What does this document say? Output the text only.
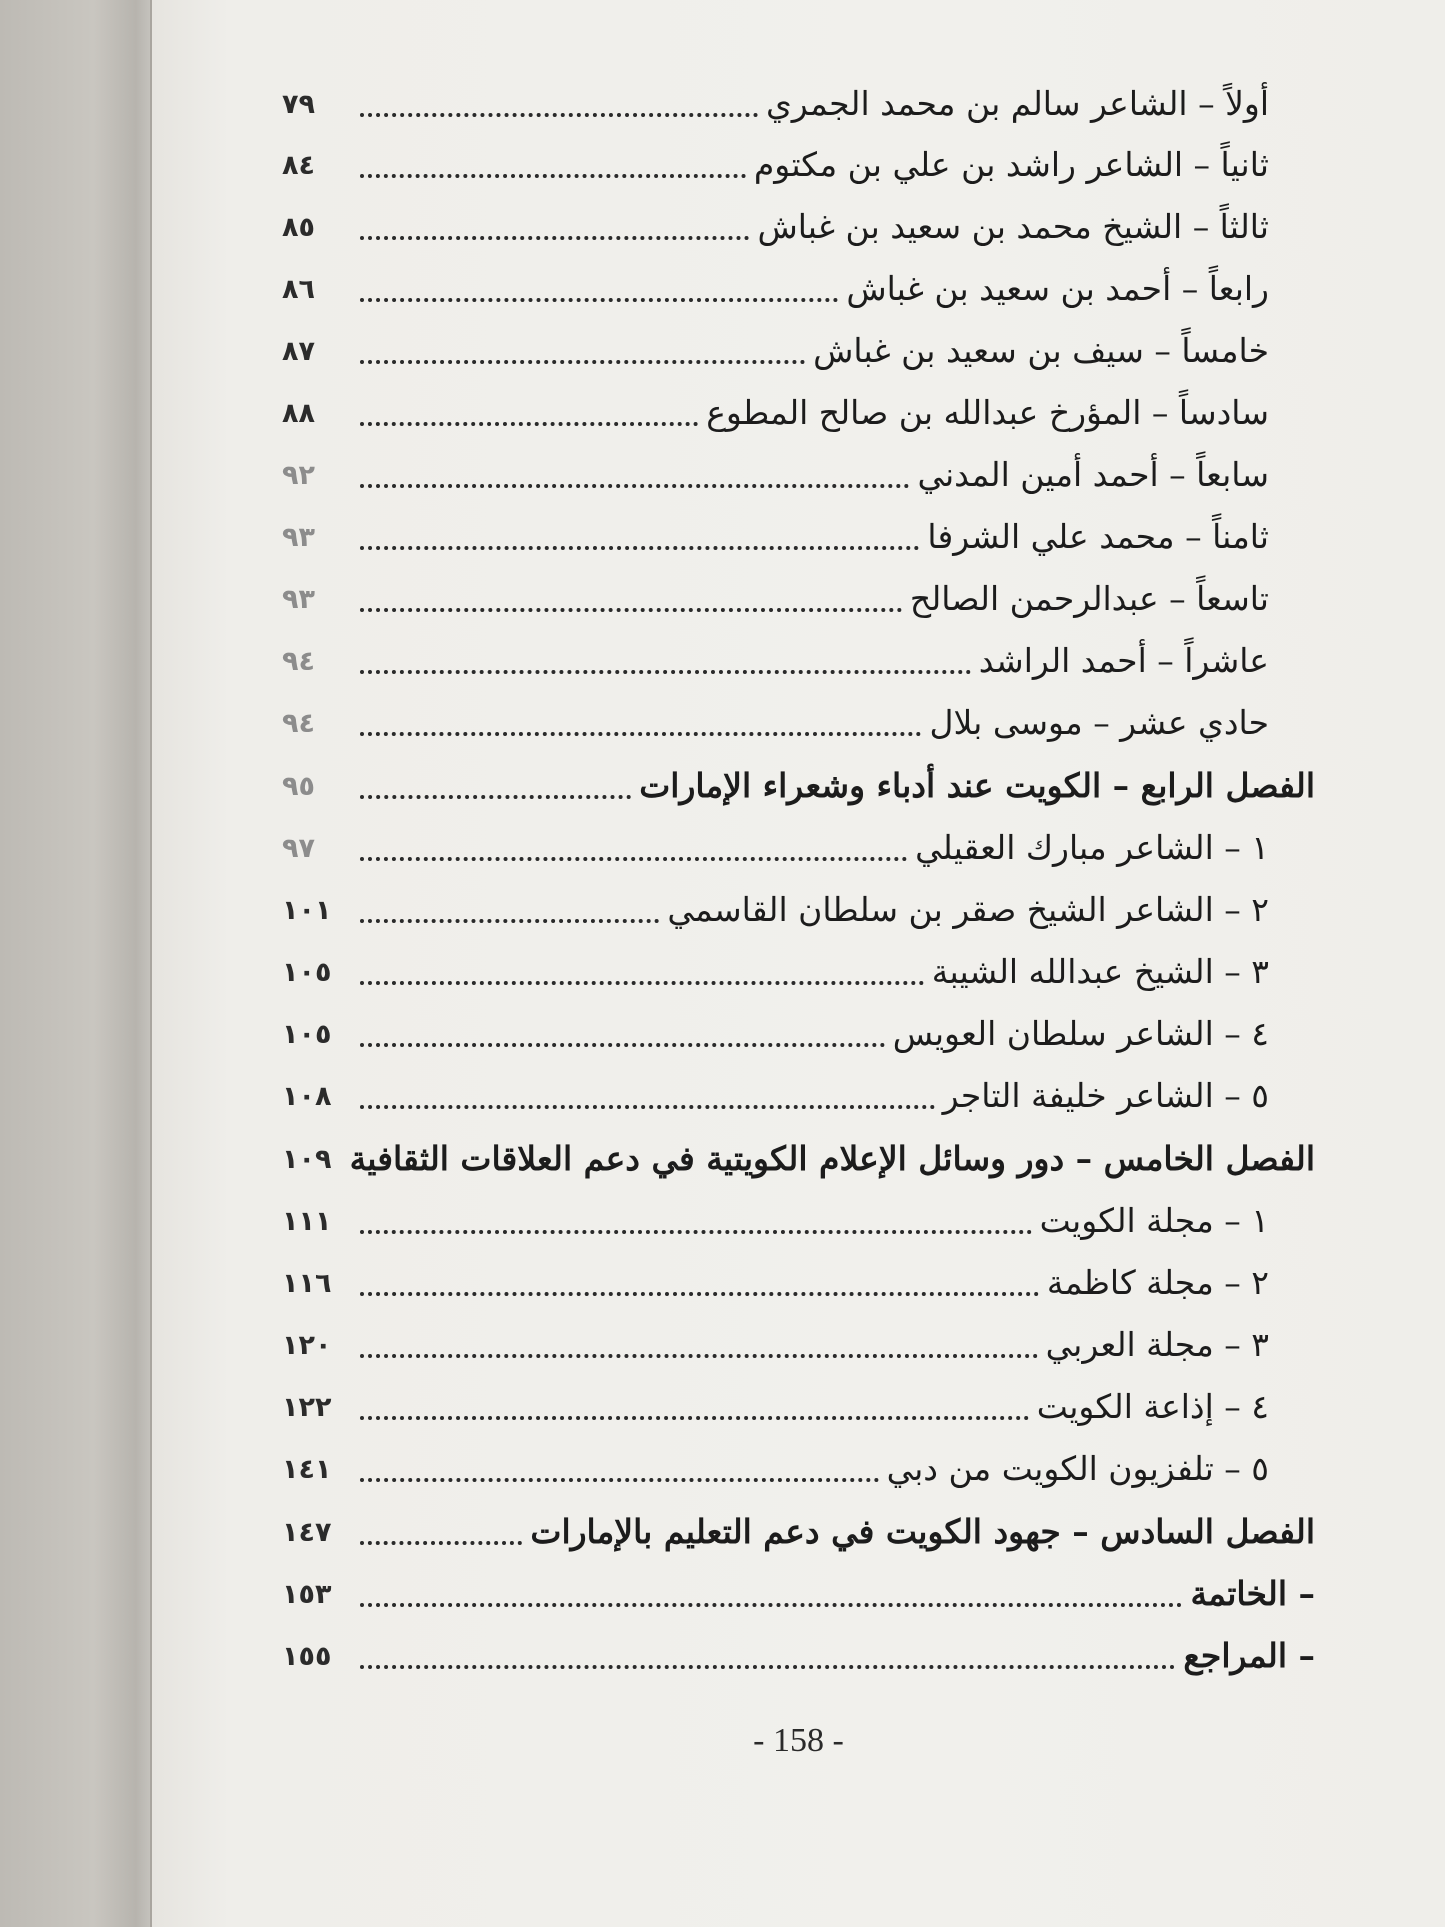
أولاً – الشاعر سالم بن محمد الجمري
٧٩
ثانياً – الشاعر راشد بن علي بن مكتوم
٨٤
ثالثاً – الشيخ محمد بن سعيد بن غباش
٨٥
رابعاً – أحمد بن سعيد بن غباش
٨٦
خامساً – سيف بن سعيد بن غباش
٨٧
سادساً – المؤرخ عبدالله بن صالح المطوع
٨٨
سابعاً – أحمد أمين المدني
٩٢
ثامناً – محمد علي الشرفا
٩٣
تاسعاً – عبدالرحمن الصالح
٩٣
عاشراً – أحمد الراشد
٩٤
حادي عشر – موسى بلال
٩٤
الفصل الرابع – الكويت عند أدباء وشعراء الإمارات
٩٥
١ – الشاعر مبارك العقيلي
٩٧
٢ – الشاعر الشيخ صقر بن سلطان القاسمي
١٠١
٣ – الشيخ عبدالله الشيبة
١٠٥
٤ – الشاعر سلطان العويس
١٠٥
٥ – الشاعر خليفة التاجر
١٠٨
الفصل الخامس – دور وسائل الإعلام الكويتية في دعم العلاقات الثقافية
١٠٩
١ – مجلة الكويت
١١١
٢ – مجلة كاظمة
١١٦
٣ – مجلة العربي
١٢٠
٤ – إذاعة الكويت
١٢٢
٥ – تلفزيون الكويت من دبي
١٤١
الفصل السادس – جهود الكويت في دعم التعليم بالإمارات
١٤٧
– الخاتمة
١٥٣
– المراجع
١٥٥
- 158 -
